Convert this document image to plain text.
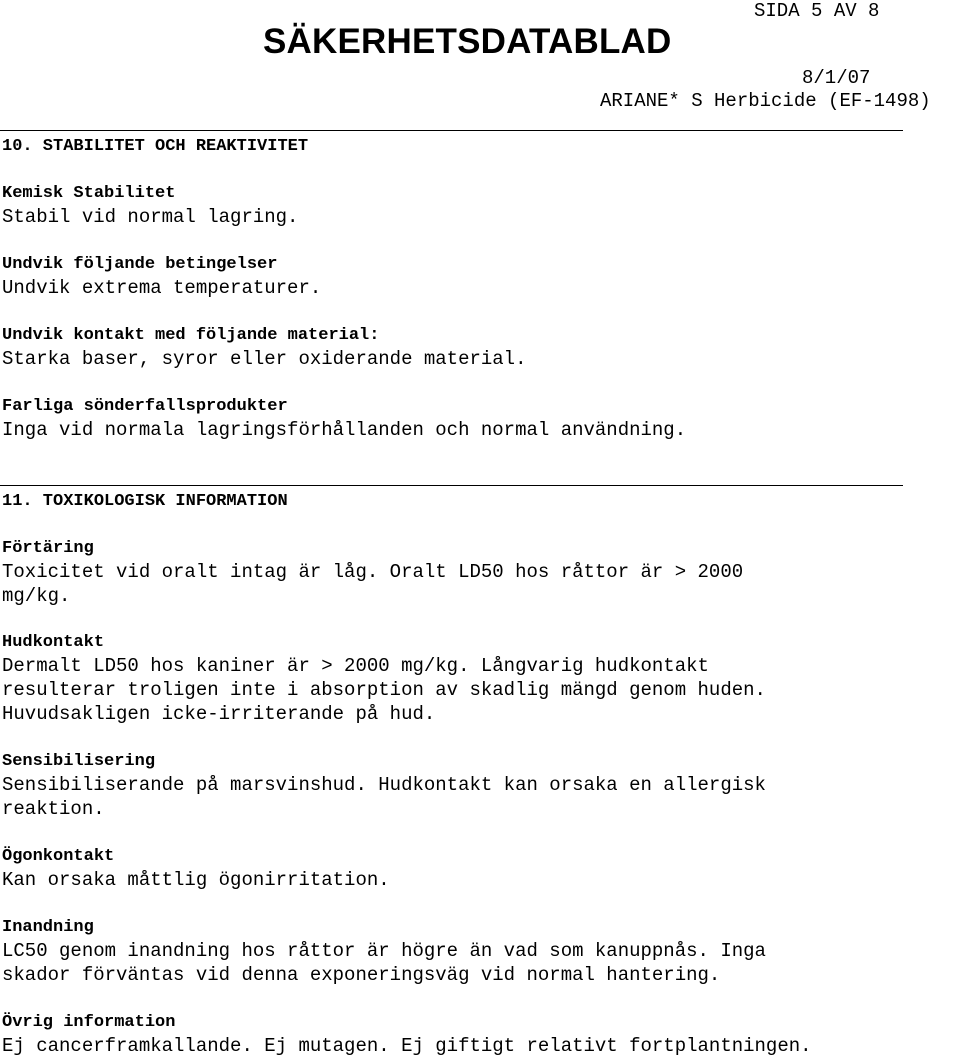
SIDA 5 AV 8
SÄKERHETSDATABLAD
8/1/07
ARIANE* S Herbicide (EF-1498)
10. STABILITET OCH REAKTIVITET
Kemisk Stabilitet

Stabil vid normal lagring.

Undvik följande betingelser

Undvik extrema temperaturer.

Undvik kontakt med följande material:

Starka baser, syror eller oxiderande material.

Farliga sönderfallsprodukter

Inga vid normala lagringsförhållanden och normal användning.

11. TOXIKOLOGISK INFORMATION
Förtäring

Toxicitet vid oralt intag är låg. Oralt LD50 hos råttor är > 2000

mg/kg.

Hudkontakt

Dermalt LD50 hos kaniner är > 2000 mg/kg. Långvarig hudkontakt

resulterar troligen inte i absorption av skadlig mängd genom huden.

Huvudsakligen icke-irriterande på hud.

Sensibilisering

Sensibiliserande på marsvinshud. Hudkontakt kan orsaka en allergisk

reaktion.

Ögonkontakt

Kan orsaka måttlig ögonirritation.

Inandning

LC50 genom inandning hos råttor är högre än vad som kanuppnås. Inga

skador förväntas vid denna exponeringsväg vid normal hantering.

Övrig information

Ej cancerframkallande. Ej mutagen. Ej giftigt relativt fortplantningen.
